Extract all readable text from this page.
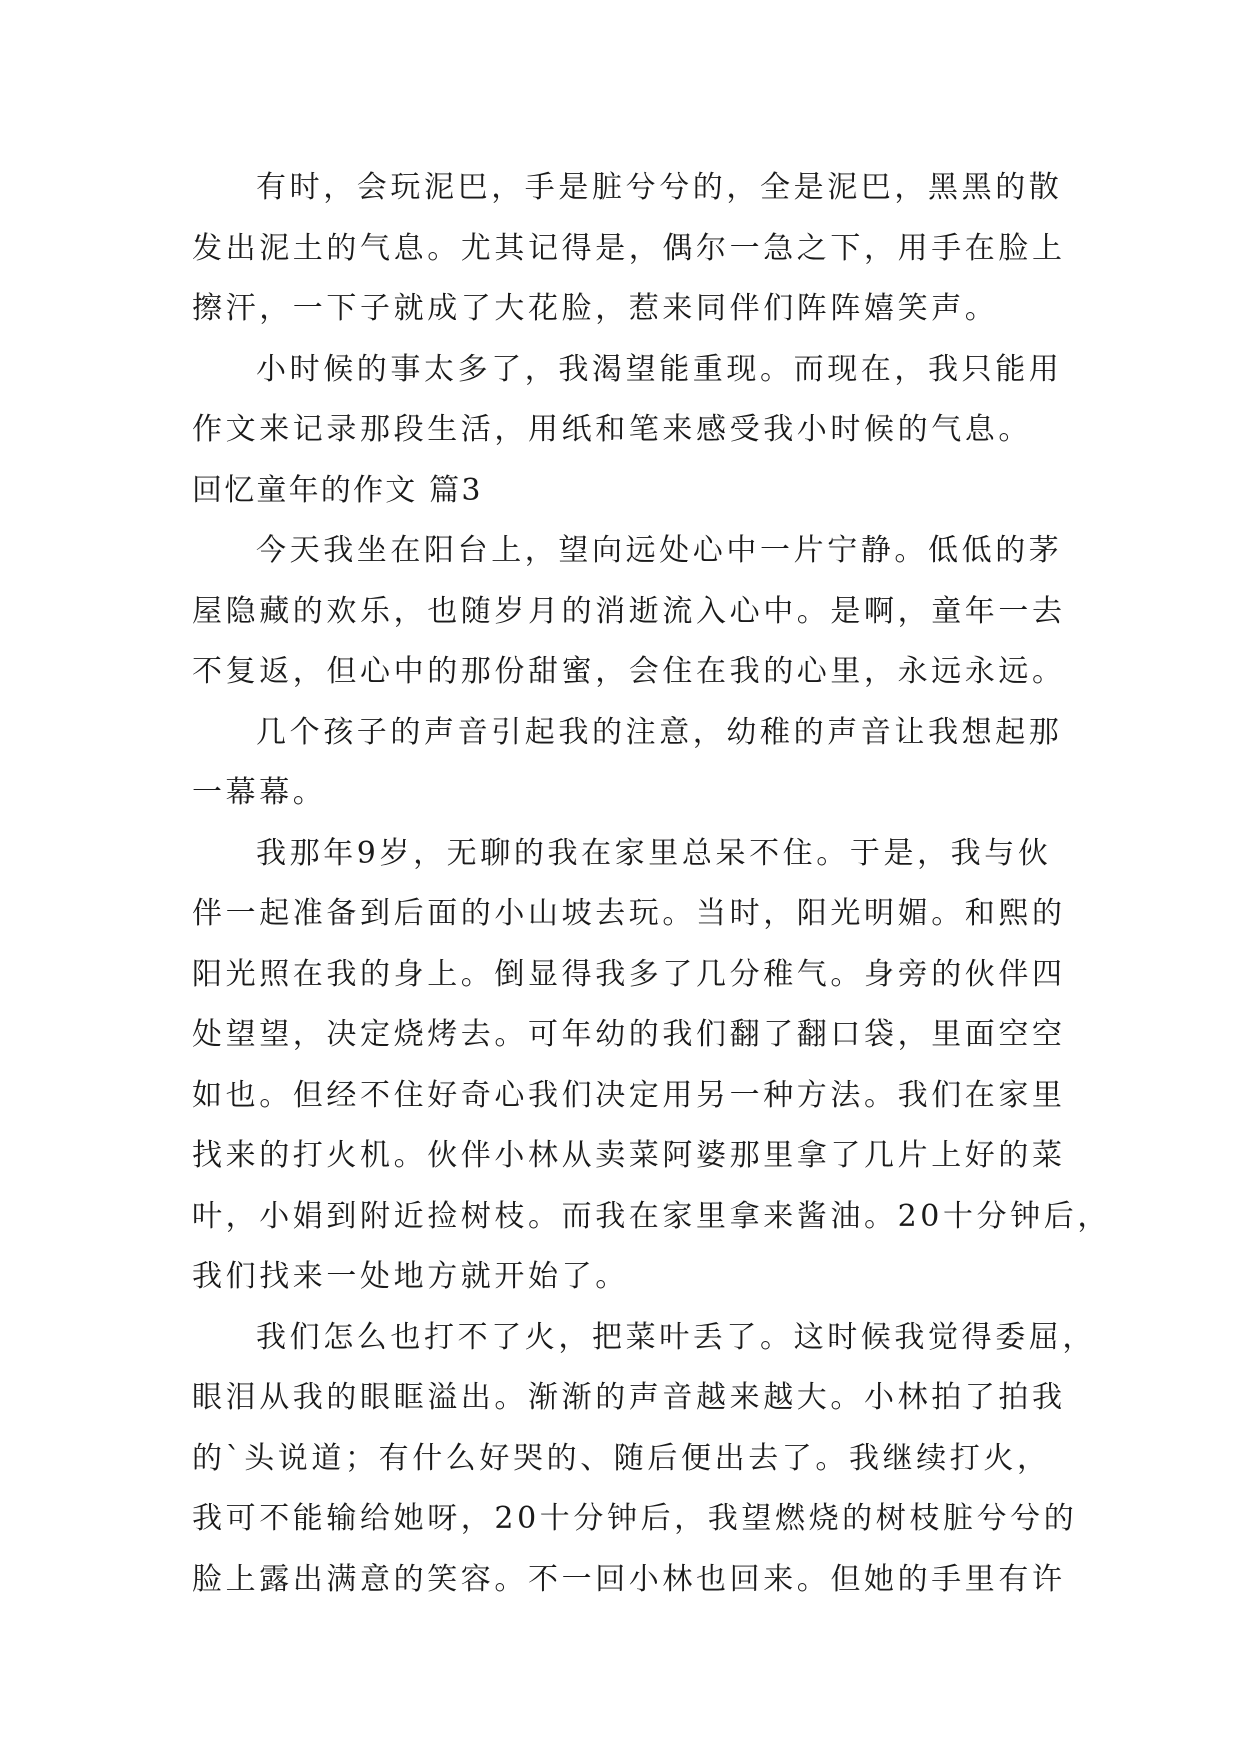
有时，会玩泥巴，手是脏兮兮的，全是泥巴，黑黑的散
发出泥土的气息。尤其记得是，偶尔一急之下，用手在脸上
擦汗，一下子就成了大花脸，惹来同伴们阵阵嬉笑声。
小时候的事太多了，我渴望能重现。而现在，我只能用
作文来记录那段生活，用纸和笔来感受我小时候的气息。
回忆童年的作文 篇3
今天我坐在阳台上，望向远处心中一片宁静。低低的茅
屋隐藏的欢乐，也随岁月的消逝流入心中。是啊，童年一去
不复返，但心中的那份甜蜜，会住在我的心里，永远永远。
几个孩子的声音引起我的注意，幼稚的声音让我想起那
一幕幕。
我那年9岁，无聊的我在家里总呆不住。于是，我与伙
伴一起准备到后面的小山坡去玩。当时，阳光明媚。和熙的
阳光照在我的身上。倒显得我多了几分稚气。身旁的伙伴四
处望望，决定烧烤去。可年幼的我们翻了翻口袋，里面空空
如也。但经不住好奇心我们决定用另一种方法。我们在家里
找来的打火机。伙伴小林从卖菜阿婆那里拿了几片上好的菜
叶，小娟到附近捡树枝。而我在家里拿来酱油。20十分钟后，
我们找来一处地方就开始了。
我们怎么也打不了火，把菜叶丢了。这时候我觉得委屈，
眼泪从我的眼眶溢出。渐渐的声音越来越大。小林拍了拍我
的`头说道；有什么好哭的、随后便出去了。我继续打火，
我可不能输给她呀，20十分钟后，我望燃烧的树枝脏兮兮的
脸上露出满意的笑容。不一回小林也回来。但她的手里有许
